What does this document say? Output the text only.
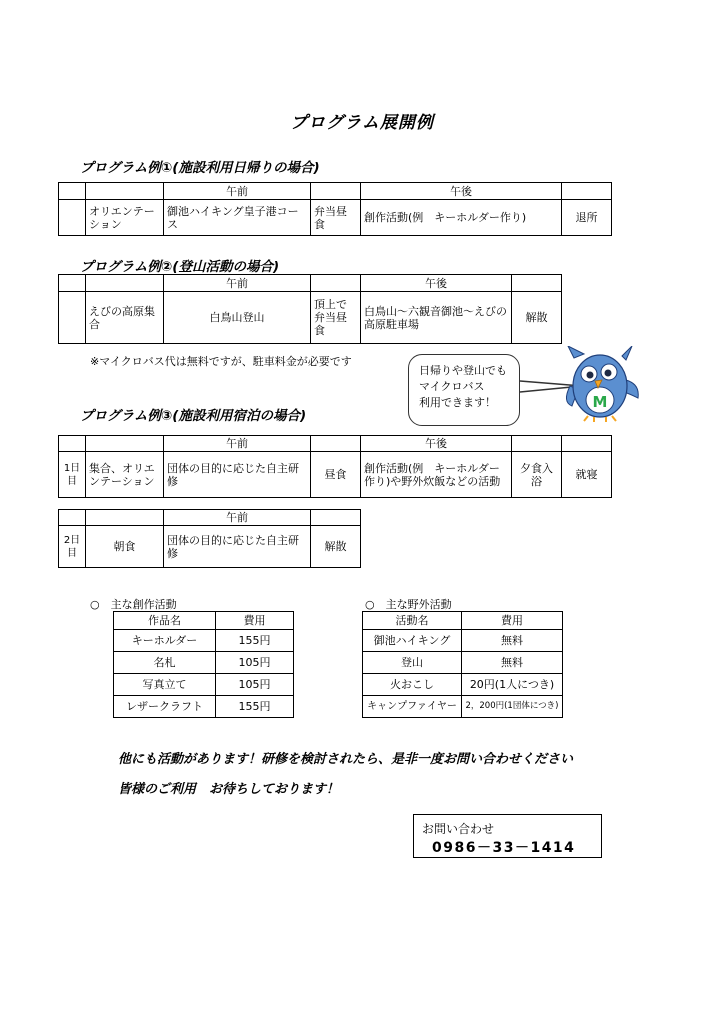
プログラム展開例
プログラム例①(施設利用日帰りの場合)
		午前		午後	
	オリエンテーション	御池ハイキング皇子港コース	弁当昼食	創作活動(例　キーホルダー作り)	退所
プログラム例②(登山活動の場合)
		午前		午後	
	えびの高原集合	白鳥山登山	頂上で弁当昼食	白鳥山～六観音御池～えびの高原駐車場	解散
※マイクロバス代は無料ですが、駐車料金が必要です
日帰りや登山でも
マイクロバス
利用できます！	M
プログラム例③(施設利用宿泊の場合)
		午前		午後		
1日目	集合、オリエンテーション	団体の目的に応じた自主研修	昼食	創作活動(例　キーホルダー作り)や野外炊飯などの活動	夕食入浴	就寝
		午前	
2日目	朝食	団体の目的に応じた自主研修	解散
○　主な創作活動
作品名	費用
キーホルダー	155円
名札	105円
写真立て	105円
レザークラフト	155円
○　主な野外活動
活動名	費用
御池ハイキング	無料
登山	無料
火おこし	20円(1人につき)
キャンプファイヤー	2，200円(1団体につき)
他にも活動があります！研修を検討されたら、是非一度お問い合わせください
皆様のご利用　お待ちしております！
お問い合わせ
0986－33－1414
